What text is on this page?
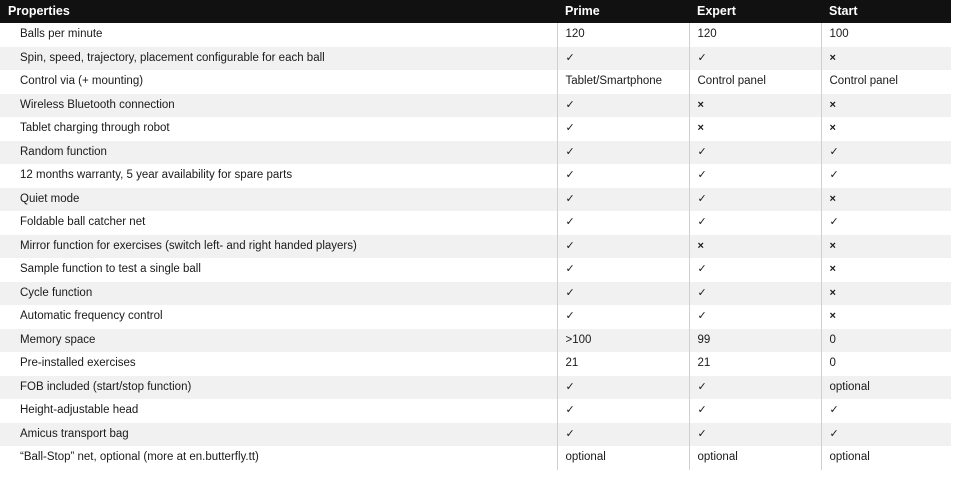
Properties	Prime	Expert	Start
Balls per minute	120	120	100
Spin, speed, trajectory, placement configurable for each ball	✓	✓	×
Control via (+ mounting)	Tablet/Smartphone	Control panel	Control panel
Wireless Bluetooth connection	✓	×	×
Tablet charging through robot	✓	×	×
Random function	✓	✓	✓
12 months warranty, 5 year availability for spare parts	✓	✓	✓
Quiet mode	✓	✓	×
Foldable ball catcher net	✓	✓	✓
Mirror function for exercises (switch left- and right handed players)	✓	×	×
Sample function to test a single ball	✓	✓	×
Cycle function	✓	✓	×
Automatic frequency control	✓	✓	×
Memory space	>100	99	0
Pre-installed exercises	21	21	0
FOB included (start/stop function)	✓	✓	optional
Height-adjustable head	✓	✓	✓
Amicus transport bag	✓	✓	✓
“Ball-Stop” net, optional (more at en.butterfly.tt)	optional	optional	optional
